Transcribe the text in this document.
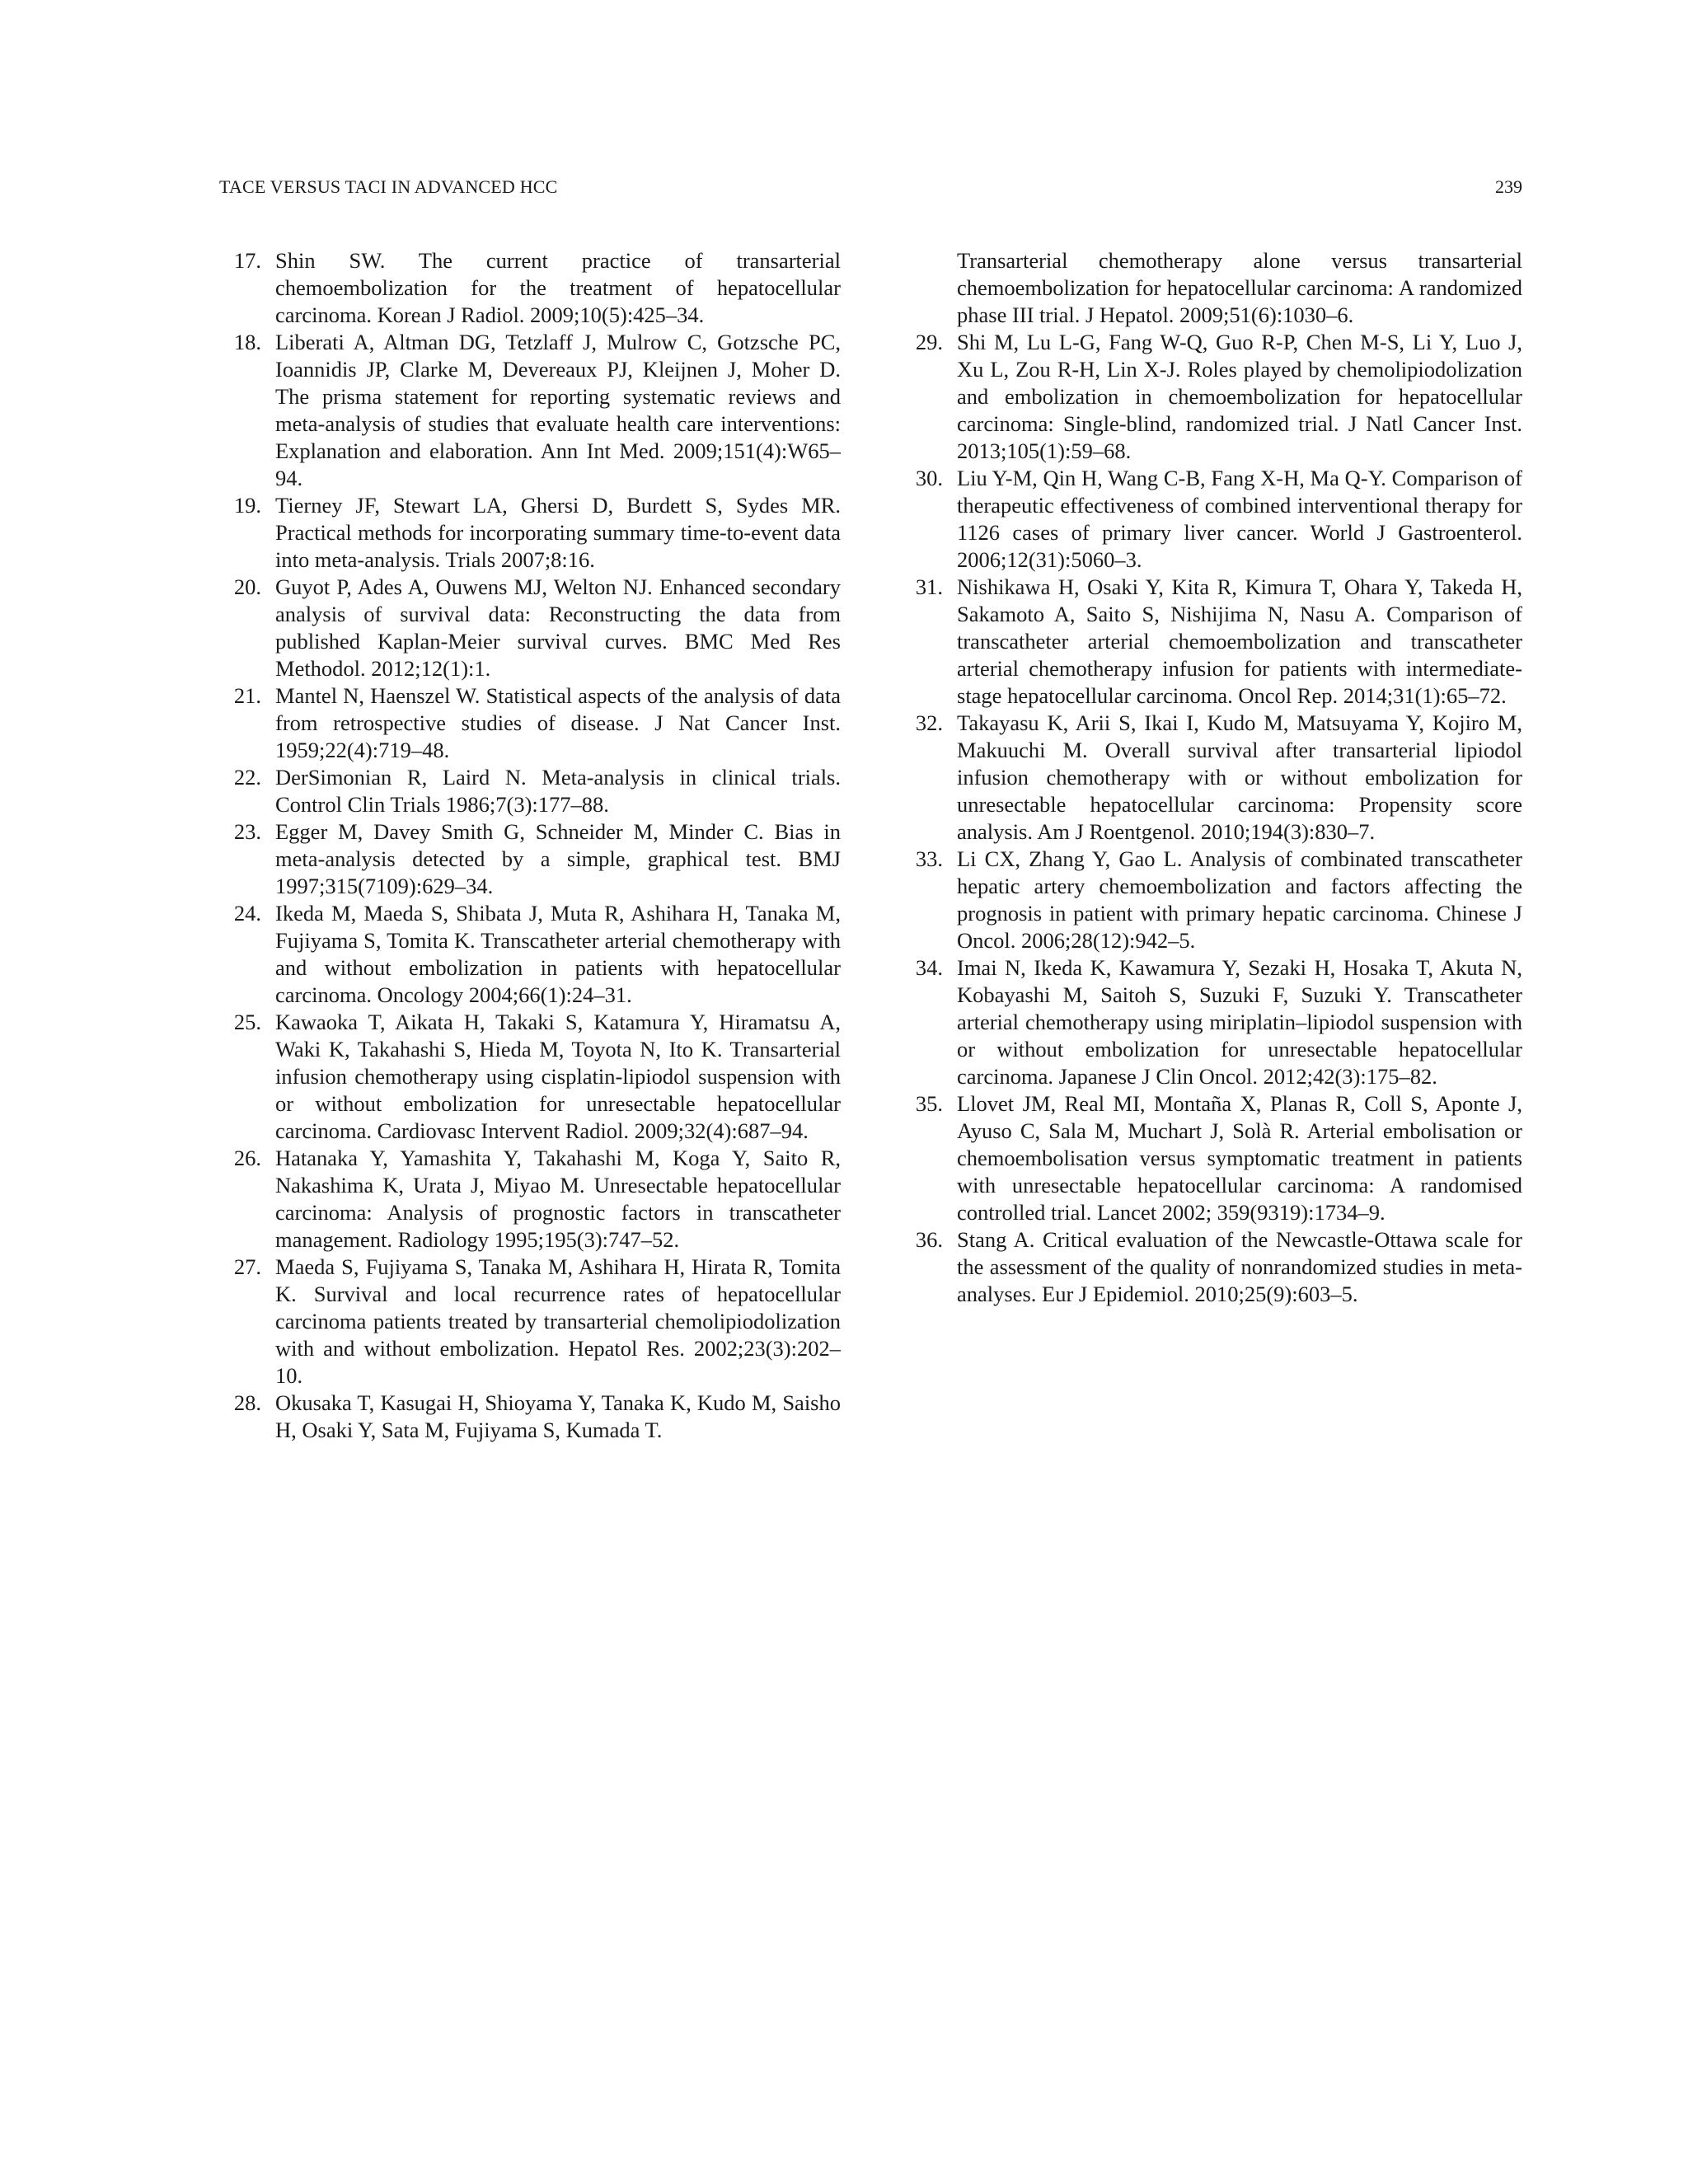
TACE VERSUS TACI IN ADVANCED HCC	239
17. Shin SW. The current practice of transarterial chemoembolization for the treatment of hepatocellular carcinoma. Korean J Radiol. 2009;10(5):425–34.
18. Liberati A, Altman DG, Tetzlaff J, Mulrow C, Gotzsche PC, Ioannidis JP, Clarke M, Devereaux PJ, Kleijnen J, Moher D. The prisma statement for reporting systematic reviews and meta-analysis of studies that evaluate health care interventions: Explanation and elaboration. Ann Int Med. 2009;151(4):W65–94.
19. Tierney JF, Stewart LA, Ghersi D, Burdett S, Sydes MR. Practical methods for incorporating summary time-to-event data into meta-analysis. Trials 2007;8:16.
20. Guyot P, Ades A, Ouwens MJ, Welton NJ. Enhanced secondary analysis of survival data: Reconstructing the data from published Kaplan-Meier survival curves. BMC Med Res Methodol. 2012;12(1):1.
21. Mantel N, Haenszel W. Statistical aspects of the analysis of data from retrospective studies of disease. J Nat Cancer Inst. 1959;22(4):719–48.
22. DerSimonian R, Laird N. Meta-analysis in clinical trials. Control Clin Trials 1986;7(3):177–88.
23. Egger M, Davey Smith G, Schneider M, Minder C. Bias in meta-analysis detected by a simple, graphical test. BMJ 1997;315(7109):629–34.
24. Ikeda M, Maeda S, Shibata J, Muta R, Ashihara H, Tanaka M, Fujiyama S, Tomita K. Transcatheter arterial chemotherapy with and without embolization in patients with hepatocellular carcinoma. Oncology 2004;66(1):24–31.
25. Kawaoka T, Aikata H, Takaki S, Katamura Y, Hiramatsu A, Waki K, Takahashi S, Hieda M, Toyota N, Ito K. Transarterial infusion chemotherapy using cisplatin-lipiodol suspension with or without embolization for unresectable hepatocellular carcinoma. Cardiovasc Intervent Radiol. 2009;32(4):687–94.
26. Hatanaka Y, Yamashita Y, Takahashi M, Koga Y, Saito R, Nakashima K, Urata J, Miyao M. Unresectable hepatocellular carcinoma: Analysis of prognostic factors in transcatheter management. Radiology 1995;195(3):747–52.
27. Maeda S, Fujiyama S, Tanaka M, Ashihara H, Hirata R, Tomita K. Survival and local recurrence rates of hepatocellular carcinoma patients treated by transarterial chemolipiodolization with and without embolization. Hepatol Res. 2002;23(3):202–10.
28. Okusaka T, Kasugai H, Shioyama Y, Tanaka K, Kudo M, Saisho H, Osaki Y, Sata M, Fujiyama S, Kumada T.
Transarterial chemotherapy alone versus transarterial chemoembolization for hepatocellular carcinoma: A randomized phase III trial. J Hepatol. 2009;51(6):1030–6.
29. Shi M, Lu L-G, Fang W-Q, Guo R-P, Chen M-S, Li Y, Luo J, Xu L, Zou R-H, Lin X-J. Roles played by chemolipiodolization and embolization in chemoembolization for hepatocellular carcinoma: Single-blind, randomized trial. J Natl Cancer Inst. 2013;105(1):59–68.
30. Liu Y-M, Qin H, Wang C-B, Fang X-H, Ma Q-Y. Comparison of therapeutic effectiveness of combined interventional therapy for 1126 cases of primary liver cancer. World J Gastroenterol. 2006;12(31):5060–3.
31. Nishikawa H, Osaki Y, Kita R, Kimura T, Ohara Y, Takeda H, Sakamoto A, Saito S, Nishijima N, Nasu A. Comparison of transcatheter arterial chemoembolization and transcatheter arterial chemotherapy infusion for patients with intermediate-stage hepatocellular carcinoma. Oncol Rep. 2014;31(1):65–72.
32. Takayasu K, Arii S, Ikai I, Kudo M, Matsuyama Y, Kojiro M, Makuuchi M. Overall survival after transarterial lipiodol infusion chemotherapy with or without embolization for unresectable hepatocellular carcinoma: Propensity score analysis. Am J Roentgenol. 2010;194(3):830–7.
33. Li CX, Zhang Y, Gao L. Analysis of combinated transcatheter hepatic artery chemoembolization and factors affecting the prognosis in patient with primary hepatic carcinoma. Chinese J Oncol. 2006;28(12):942–5.
34. Imai N, Ikeda K, Kawamura Y, Sezaki H, Hosaka T, Akuta N, Kobayashi M, Saitoh S, Suzuki F, Suzuki Y. Transcatheter arterial chemotherapy using miriplatin–lipiodol suspension with or without embolization for unresectable hepatocellular carcinoma. Japanese J Clin Oncol. 2012;42(3):175–82.
35. Llovet JM, Real MI, Montaña X, Planas R, Coll S, Aponte J, Ayuso C, Sala M, Muchart J, Solà R. Arterial embolisation or chemoembolisation versus symptomatic treatment in patients with unresectable hepatocellular carcinoma: A randomised controlled trial. Lancet 2002; 359(9319):1734–9.
36. Stang A. Critical evaluation of the Newcastle-Ottawa scale for the assessment of the quality of nonrandomized studies in meta-analyses. Eur J Epidemiol. 2010;25(9):603–5.
